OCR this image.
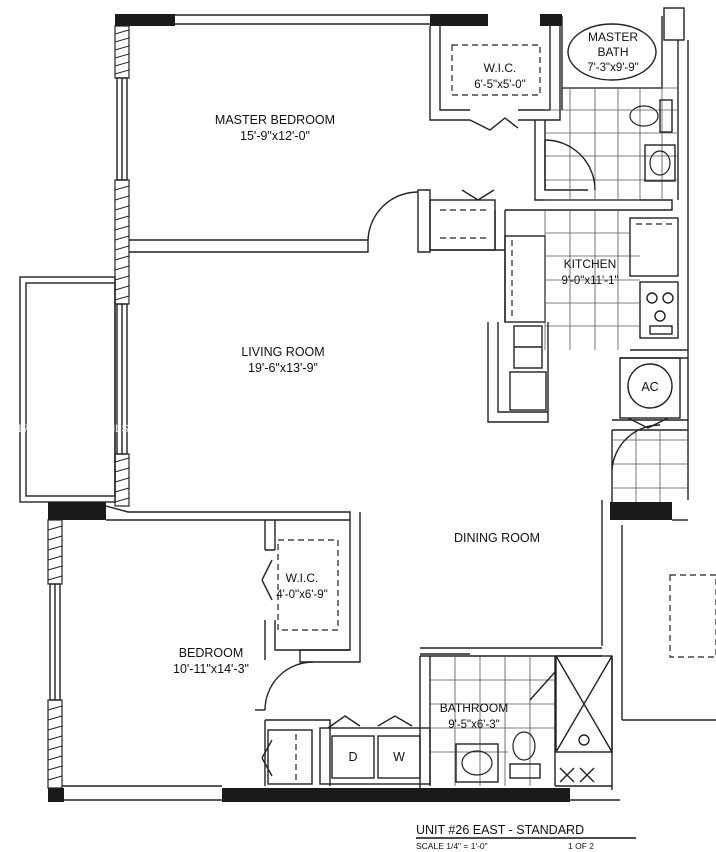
MASTER BEDROOM
15'-9"x12'-0"
W.I.C.
6'-5"x5'-0"
MASTER
BATH
7'-3"x9'-9"
KITCHEN
9'-0"x11'-1"
LIVING ROOM
19'-6"x13'-9"
AC
DINING ROOM
W.I.C.
4'-0"x6'-9"
BEDROOM
10'-11"x14'-3"
BATHROOM
9'-5"x6'-3"
D	W
UNIT #26 EAST - STANDARD
SCALE 1/4" = 1'-0"	1 OF 2
A11719237 © Miami MLS® 2025
